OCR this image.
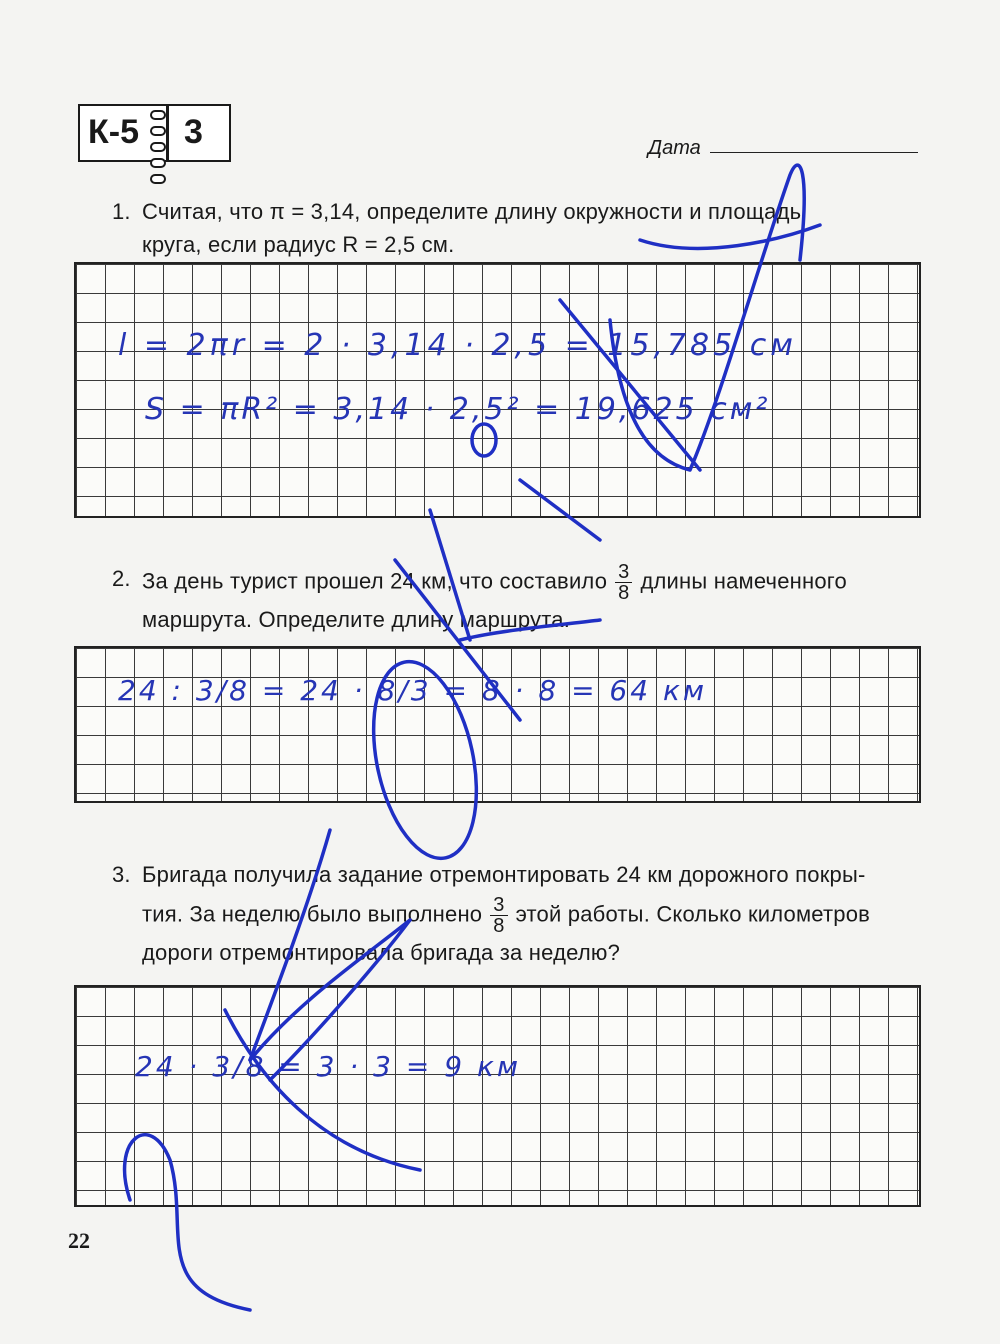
К-5 3	Дата
1. Считая, что π = 3,14, определите длину окружности и площадь
круга, если радиус R = 2,5 см.
l = 2πr = 2 · 3,14 · 2,5 = 15,785 см
S = πR² = 3,14 · 2,5² = 19,625 см²
2. За день турист прошел 24 км, что составило $\frac{3}{8}$ длины намеченного
маршрута. Определите длину маршрута.
24 : 3/8 = 24 · 8/3 = 8 · 8 = 64 км
3. Бригада получила задание отремонтировать 24 км дорожного покры-
тия. За неделю было выполнено $\frac{3}{8}$ этой работы. Сколько километров
дороги отремонтировала бригада за неделю?
24 · 3/8 = 3 · 3 = 9 км
22
